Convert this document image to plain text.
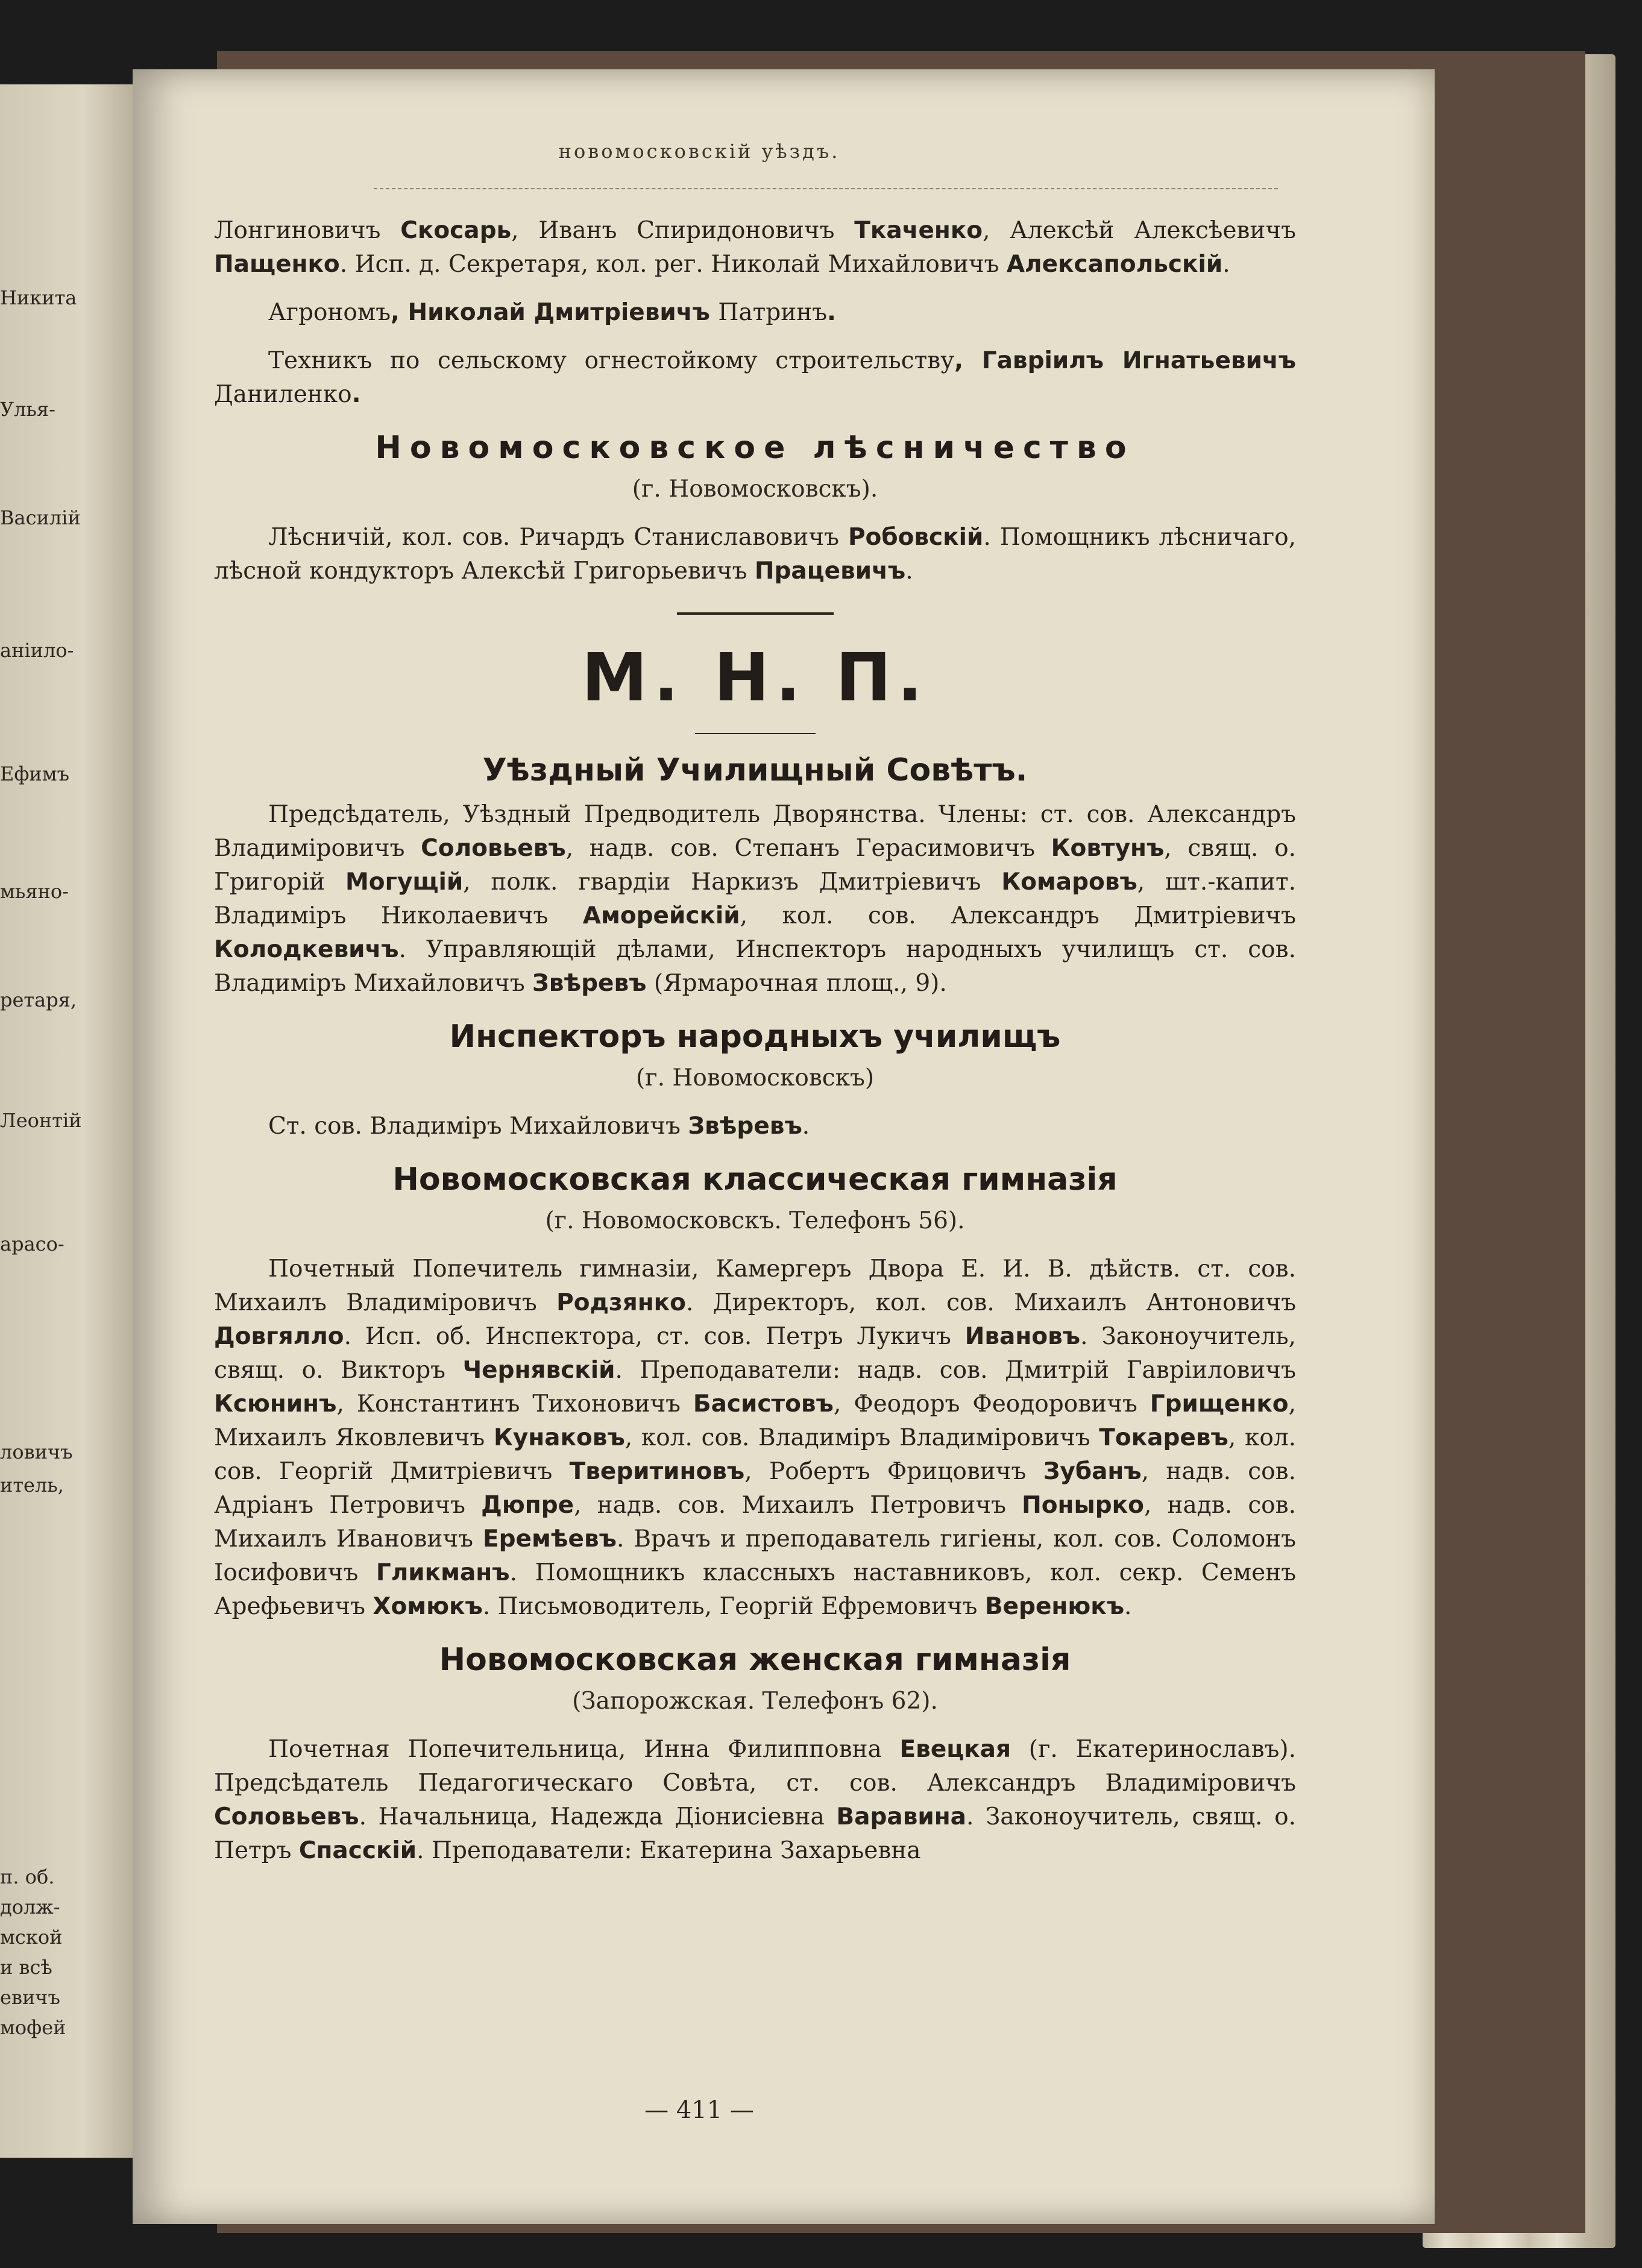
Никита
Улья-
Василій
аніило-
Ефимъ
мьяно-
ретаря,
Леонтій
арасо-
ловичъ
итель,
п. об.
долж-
мской
и всѣ
евичъ
мофей
новомосковскій уѣздъ.

Лонгиновичъ Скосарь, Иванъ Спиридоновичъ Ткаченко, Алексѣй Алексѣевичъ Пащенко. Исп. д. Секретаря, кол. рег. Николай Михайловичъ Алексапольскій.

Агрономъ, Николай Дмитріевичъ Патринъ.

Техникъ по сельскому огнестойкому строительству, Гавріилъ Игнатьевичъ Даниленко.

Новомосковское лѣсничество
(г. Новомосковскъ).

Лѣсничій, кол. сов. Ричардъ Станиславовичъ Робовскій. Помощникъ лѣсничаго, лѣсной кондукторъ Алексѣй Григорьевичъ Працевичъ.

М. Н. П.
Уѣздный Училищный Совѣтъ.

Предсѣдатель, Уѣздный Предводитель Дворянства. Члены: ст. сов. Александръ Владиміровичъ Соловьевъ, надв. сов. Степанъ Герасимовичъ Ковтунъ, свящ. о. Григорій Могущій, полк. гвардіи Наркизъ Дмитріевичъ Комаровъ, шт.-капит. Владиміръ Николаевичъ Аморейскій, кол. сов. Александръ Дмитріевичъ Колодкевичъ. Управляющій дѣлами, Инспекторъ народныхъ училищъ ст. сов. Владиміръ Михайловичъ Звѣревъ (Ярмарочная площ., 9).

Инспекторъ народныхъ училищъ
(г. Новомосковскъ)

Ст. сов. Владиміръ Михайловичъ Звѣревъ.

Новомосковская классическая гимназія
(г. Новомосковскъ. Телефонъ 56).

Почетный Попечитель гимназіи, Камергеръ Двора Е. И. В. дѣйств. ст. сов. Михаилъ Владиміровичъ Родзянко. Директоръ, кол. сов. Михаилъ Антоновичъ Довгялло. Исп. об. Инспектора, ст. сов. Петръ Лукичъ Ивановъ. Законоучитель, свящ. о. Викторъ Чернявскій. Преподаватели: надв. сов. Дмитрій Гавріиловичъ Ксюнинъ, Константинъ Тихоновичъ Басистовъ, Феодоръ Феодоровичъ Грищенко, Михаилъ Яковлевичъ Кунаковъ, кол. сов. Владиміръ Владиміровичъ Токаревъ, кол. сов. Георгій Дмитріевичъ Тверитиновъ, Робертъ Фрицовичъ Зубанъ, надв. сов. Адріанъ Петровичъ Дюпре, надв. сов. Михаилъ Петровичъ Понырко, надв. сов. Михаилъ Ивановичъ Еремѣевъ. Врачъ и преподаватель гигіены, кол. сов. Соломонъ Іосифовичъ Гликманъ. Помощникъ классныхъ наставниковъ, кол. секр. Семенъ Арефьевичъ Хомюкъ. Письмоводитель, Георгій Ефремовичъ Веренюкъ.

Новомосковская женская гимназія
(Запорожская. Телефонъ 62).

Почетная Попечительница, Инна Филипповна Евецкая (г. Екатеринославъ). Предсѣдатель Педагогическаго Совѣта, ст. сов. Александръ Владиміровичъ Соловьевъ. Начальница, Надежда Діонисіевна Варавина. Законоучитель, свящ. о. Петръ Спасскій. Преподаватели: Екатерина Захарьевна

— 411 —
